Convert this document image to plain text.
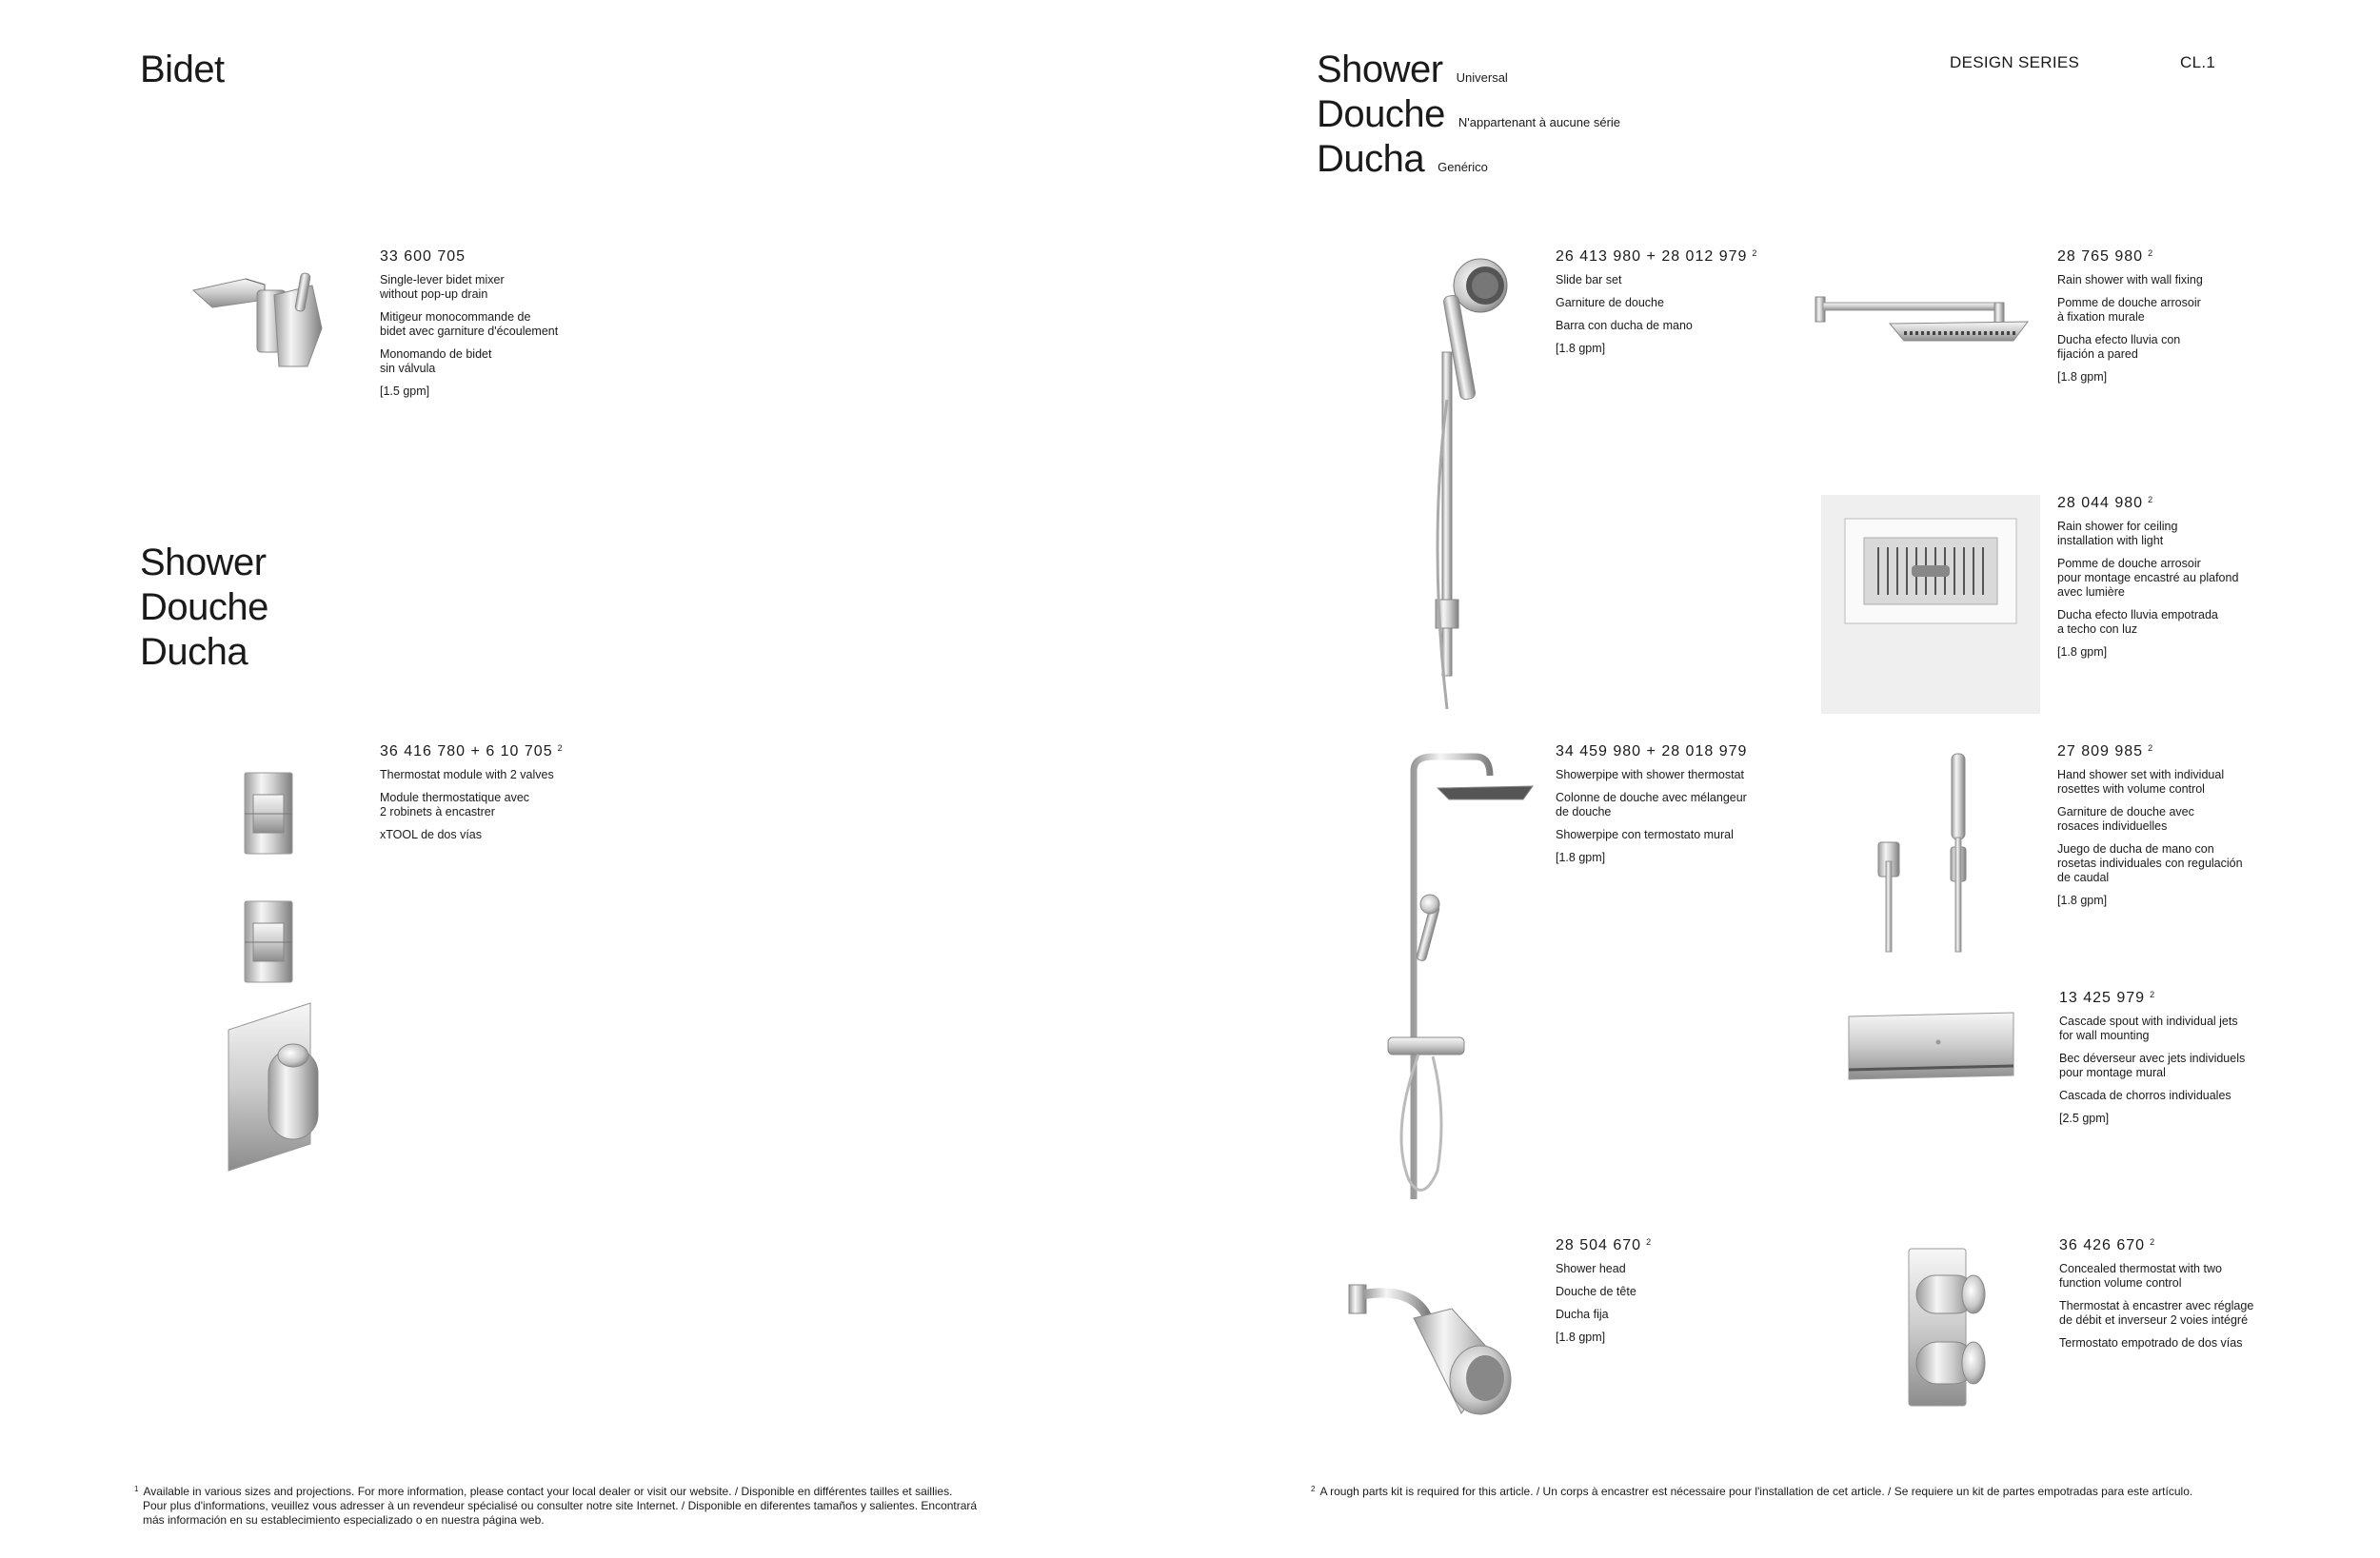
Bidet	Shower Universal
Douche N'appartenant à aucune série
Ducha Genérico
DESIGN SERIES	CL.1
Shower
Douche
Ducha
33 600 705
Single-lever bidet mixer
without pop-up drain
Mitigeur monocommande de
bidet avec garniture d'écoulement
Monomando de bidet
sin válvula
[1.5 gpm]
36 416 780 + 6 10 705 $^2$
Thermostat module with 2 valves
Module thermostatique avec
2 robinets à encastrer
xTOOL de dos vías
26 413 980 + 28 012 979 $^2$
Slide bar set
Garniture de douche
Barra con ducha de mano
[1.8 gpm]
28 765 980 $^2$
Rain shower with wall fixing
Pomme de douche arrosoir
à fixation murale
Ducha efecto lluvia con
fijación a pared
[1.8 gpm]
28 044 980 $^2$
Rain shower for ceiling
installation with light
Pomme de douche arrosoir
pour montage encastré au plafond
avec lumière
Ducha efecto lluvia empotrada
a techo con luz
[1.8 gpm]
34 459 980 + 28 018 979
Showerpipe with shower thermostat
Colonne de douche avec mélangeur
de douche
Showerpipe con termostato mural
[1.8 gpm]
27 809 985 $^2$
Hand shower set with individual
rosettes with volume control
Garniture de douche avec
rosaces individuelles
Juego de ducha de mano con
rosetas individuales con regulación
de caudal
[1.8 gpm]
13 425 979 $^2$
Cascade spout with individual jets
for wall mounting
Bec déverseur avec jets individuels
pour montage mural
Cascada de chorros individuales
[2.5 gpm]
28 504 670 $^2$
Shower head
Douche de tête
Ducha fija
[1.8 gpm]
36 426 670 $^2$
Concealed thermostat with two
function volume control
Thermostat à encastrer avec réglage
de débit et inverseur 2 voies intégré
Termostato empotrado de dos vías
$^1$ Available in various sizes and projections. For more information, please contact your local dealer or visit our website. / Disponible en différentes tailles et saillies.
Pour plus d'informations, veuillez vous adresser à un revendeur spécialisé ou consulter notre site Internet. / Disponible en diferentes tamaños y salientes. Encontrará
más información en su establecimiento especializado o en nuestra página web.
$^2$ A rough parts kit is required for this article. / Un corps à encastrer est nécessaire pour l'installation de cet article. / Se requiere un kit de partes empotradas para este artículo.
